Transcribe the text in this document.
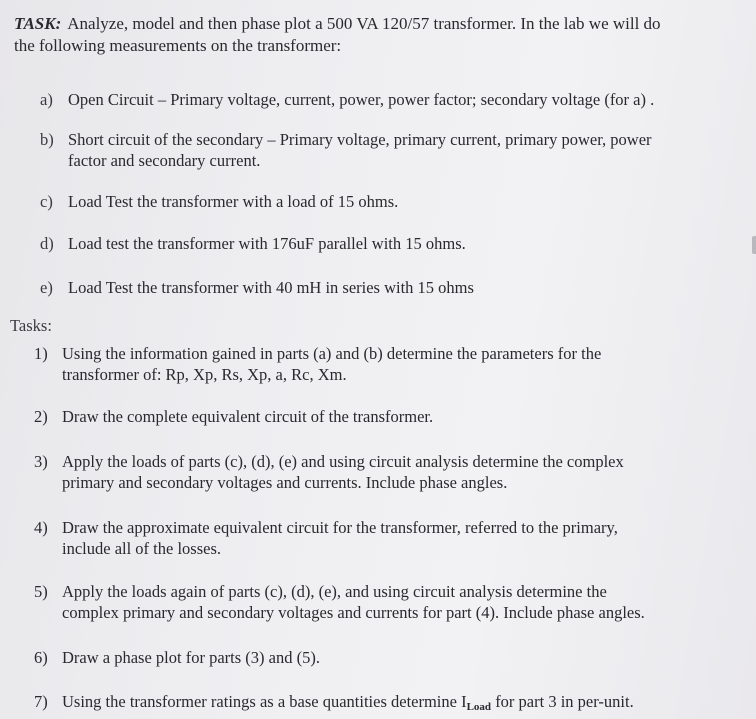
TASK: Analyze, model and then phase plot a 500 VA 120/57 transformer. In the lab we will do
the following measurements on the transformer:
a) Open Circuit – Primary voltage, current, power, power factor; secondary voltage (for a) .
b) Short circuit of the secondary – Primary voltage, primary current, primary power, power
factor and secondary current.
c) Load Test the transformer with a load of 15 ohms.
d) Load test the transformer with 176uF parallel with 15 ohms.
e) Load Test the transformer with 40 mH in series with 15 ohms
Tasks:
1) Using the information gained in parts (a) and (b) determine the parameters for the
transformer of: Rp, Xp, Rs, Xp, a, Rc, Xm.
2) Draw the complete equivalent circuit of the transformer.
3) Apply the loads of parts (c), (d), (e) and using circuit analysis determine the complex
primary and secondary voltages and currents. Include phase angles.
4) Draw the approximate equivalent circuit for the transformer, referred to the primary,
include all of the losses.
5) Apply the loads again of parts (c), (d), (e), and using circuit analysis determine the
complex primary and secondary voltages and currents for part (4). Include phase angles.
6) Draw a phase plot for parts (3) and (5).
7) Using the transformer ratings as a base quantities determine $I_{Load}$ for part 3 in per-unit.
